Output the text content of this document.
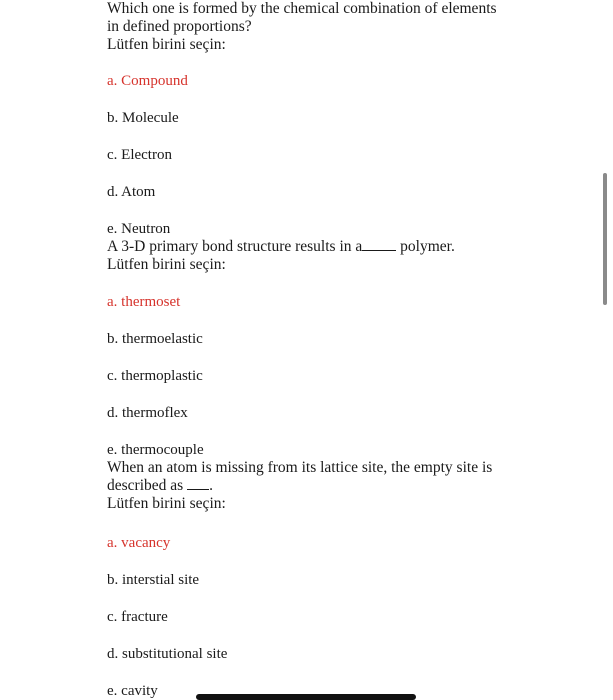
Which one is formed by the chemical combination of elements
in defined proportions?
Lütfen birini seçin:
a. Compound
b. Molecule
c. Electron
d. Atom
e. Neutron
A 3-D primary bond structure results in a polymer.
Lütfen birini seçin:
a. thermoset
b. thermoelastic
c. thermoplastic
d. thermoflex
e. thermocouple
When an atom is missing from its lattice site, the empty site is
described as .
Lütfen birini seçin:
a. vacancy
b. interstial site
c. fracture
d. substitutional site
e. cavity
